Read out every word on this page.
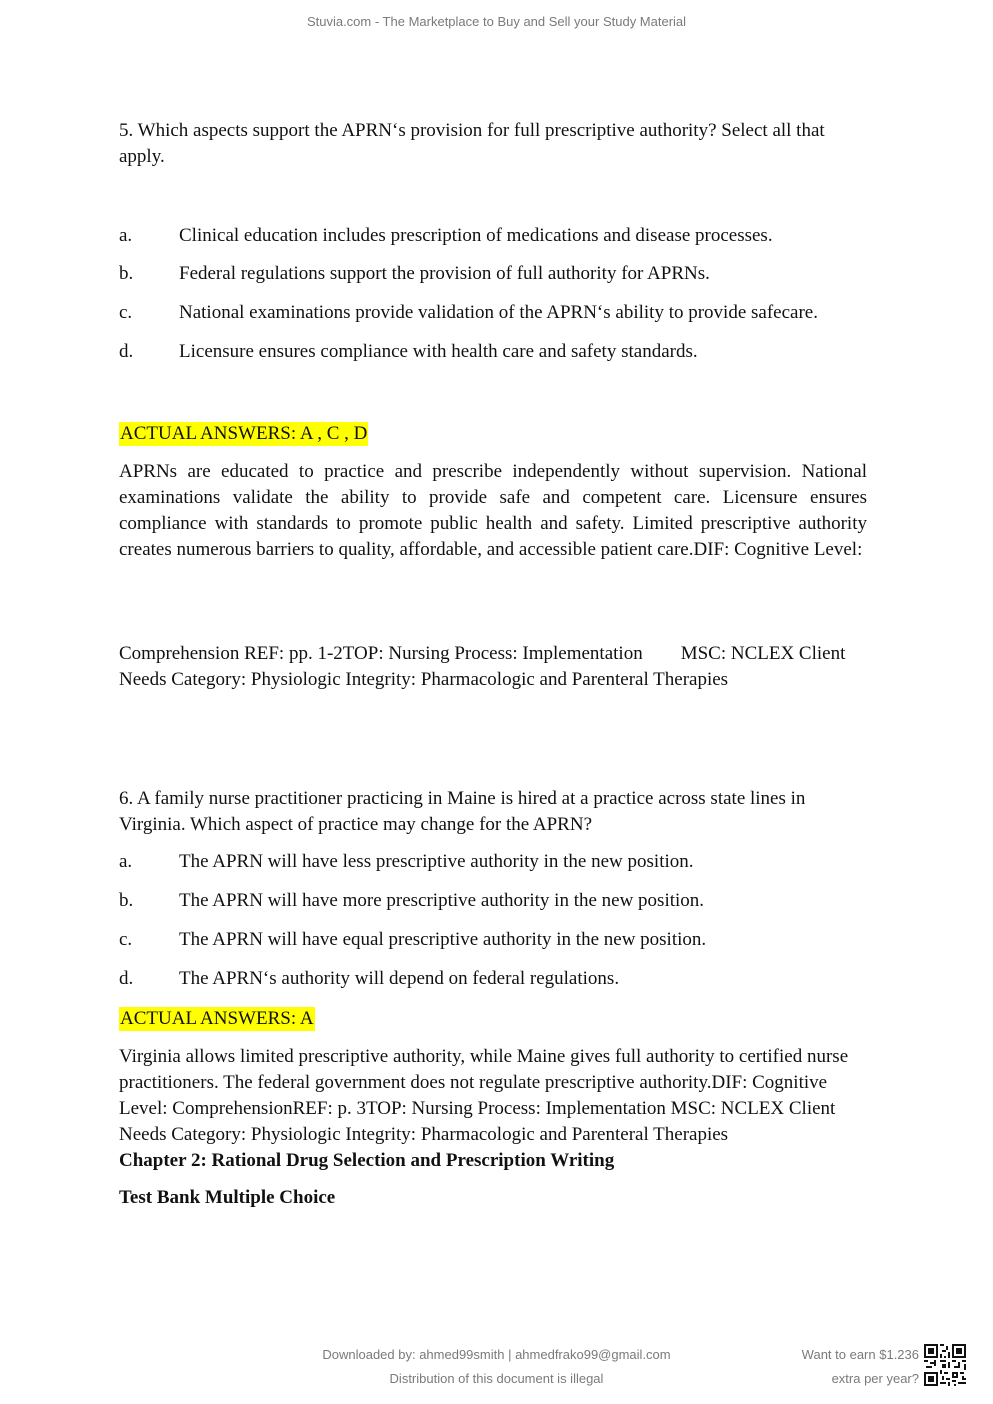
Stuvia.com - The Marketplace to Buy and Sell your Study Material
5. Which aspects support the APRN‘s provision for full prescriptive authority? Select all that apply.
a. Clinical education includes prescription of medications and disease processes.
b. Federal regulations support the provision of full authority for APRNs.
c. National examinations provide validation of the APRN‘s ability to provide safecare.
d. Licensure ensures compliance with health care and safety standards.
ACTUAL ANSWERS: A , C , D
APRNs are educated to practice and prescribe independently without supervision. National examinations validate the ability to provide safe and competent care. Licensure ensures compliance with standards to promote public health and safety. Limited prescriptive authority creates numerous barriers to quality, affordable, and accessible patient care.DIF: Cognitive Level:
Comprehension REF: pp. 1-2TOP: Nursing Process: Implementation        MSC: NCLEX Client
Needs Category: Physiologic Integrity: Pharmacologic and Parenteral Therapies
6. A family nurse practitioner practicing in Maine is hired at a practice across state lines in Virginia. Which aspect of practice may change for the APRN?
a. The APRN will have less prescriptive authority in the new position.
b. The APRN will have more prescriptive authority in the new position.
c. The APRN will have equal prescriptive authority in the new position.
d. The APRN‘s authority will depend on federal regulations.
ACTUAL ANSWERS: A
Virginia allows limited prescriptive authority, while Maine gives full authority to certified nurse
practitioners. The federal government does not regulate prescriptive authority.DIF: Cognitive
Level: ComprehensionREF: p. 3TOP: Nursing Process: Implementation MSC: NCLEX Client
Needs Category: Physiologic Integrity: Pharmacologic and Parenteral Therapies
Chapter 2: Rational Drug Selection and Prescription Writing
Test Bank Multiple Choice
Downloaded by: ahmed99smith | ahmedfrako99@gmail.com
Distribution of this document is illegal
Want to earn $1.236
extra per year?
